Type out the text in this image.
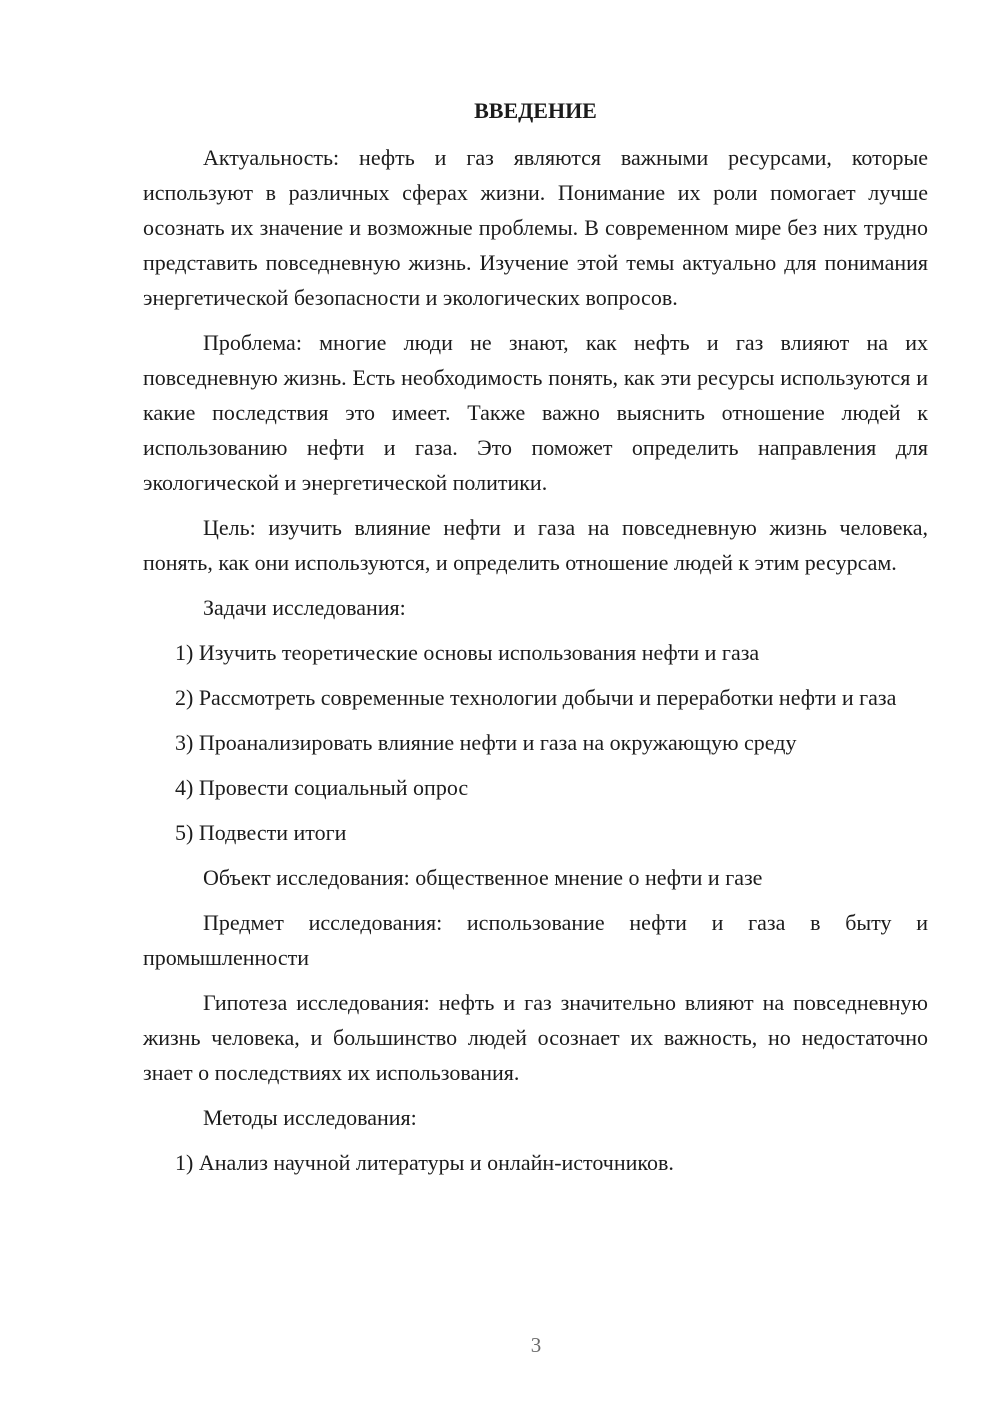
ВВЕДЕНИЕ

Актуальность: нефть и газ являются важными ресурсами, которые используют в различных сферах жизни. Понимание их роли помогает лучше осознать их значение и возможные проблемы. В современном мире без них трудно представить повседневную жизнь. Изучение этой темы актуально для понимания энергетической безопасности и экологических вопросов.

Проблема: многие люди не знают, как нефть и газ влияют на их повседневную жизнь. Есть необходимость понять, как эти ресурсы используются и какие последствия это имеет. Также важно выяснить отношение людей к использованию нефти и газа. Это поможет определить направления для экологической и энергетической политики.

Цель: изучить влияние нефти и газа на повседневную жизнь человека, понять, как они используются, и определить отношение людей к этим ресурсам.

Задачи исследования:

1) Изучить теоретические основы использования нефти и газа

2) Рассмотреть современные технологии добычи и переработки нефти и газа

3) Проанализировать влияние нефти и газа на окружающую среду

4) Провести социальный опрос

5) Подвести итоги

Объект исследования: общественное мнение о нефти и газе

Предмет исследования: использование нефти и газа в быту и промышленности

Гипотеза исследования: нефть и газ значительно влияют на повседневную жизнь человека, и большинство людей осознает их важность, но недостаточно знает о последствиях их использования.

Методы исследования:

1) Анализ научной литературы и онлайн-источников.

3
